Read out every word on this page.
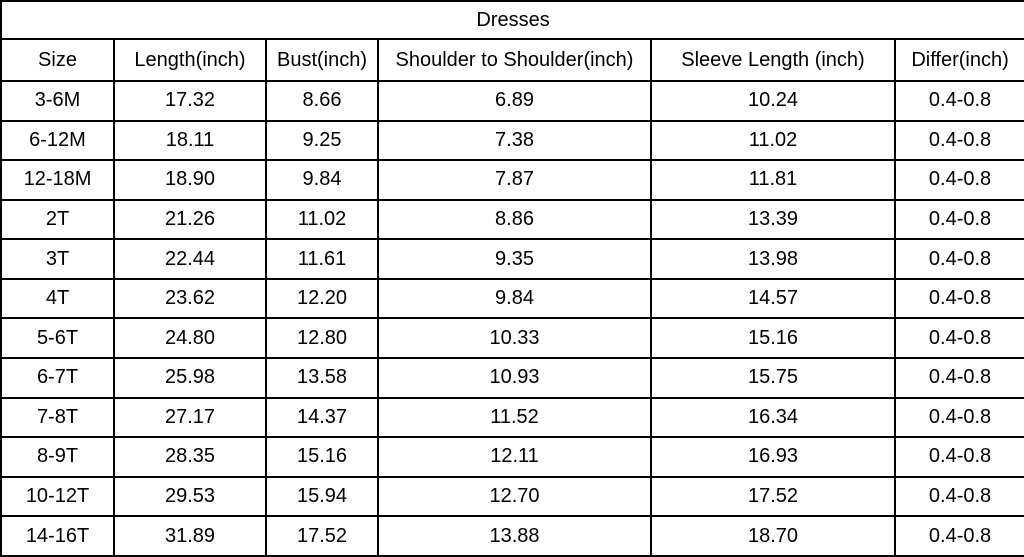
Dresses					
Size	Length(inch)	Bust(inch)	Shoulder to Shoulder(inch)	Sleeve Length (inch)	Differ(inch)
3-6M	17.32	8.66	6.89	10.24	0.4-0.8
6-12M	18.11	9.25	7.38	11.02	0.4-0.8
12-18M	18.90	9.84	7.87	11.81	0.4-0.8
2T	21.26	11.02	8.86	13.39	0.4-0.8
3T	22.44	11.61	9.35	13.98	0.4-0.8
4T	23.62	12.20	9.84	14.57	0.4-0.8
5-6T	24.80	12.80	10.33	15.16	0.4-0.8
6-7T	25.98	13.58	10.93	15.75	0.4-0.8
7-8T	27.17	14.37	11.52	16.34	0.4-0.8
8-9T	28.35	15.16	12.11	16.93	0.4-0.8
10-12T	29.53	15.94	12.70	17.52	0.4-0.8
14-16T	31.89	17.52	13.88	18.70	0.4-0.8
